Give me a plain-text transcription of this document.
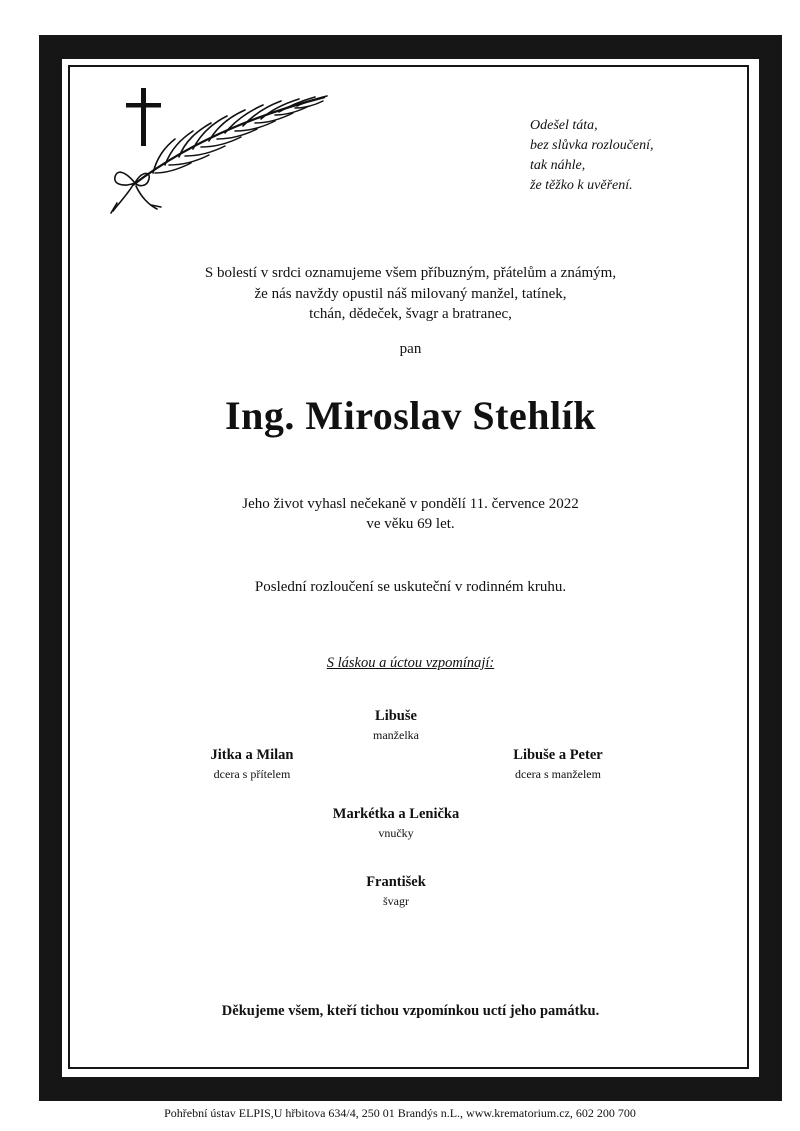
Odešel táta,
bez slůvka rozloučení,
tak náhle,
že těžko k uvěření.
S bolestí v srdci oznamujeme všem příbuzným, přátelům a známým,
že nás navždy opustil náš milovaný manžel, tatínek,
tchán, dědeček, švagr a bratranec,
pan
Ing. Miroslav Stehlík
Jeho život vyhasl nečekaně v pondělí 11. července 2022
ve věku 69 let.
Poslední rozloučení se uskuteční v rodinném kruhu.
S láskou a úctou vzpomínají:
Libuše
manželka
Jitka a Milan
dcera s přítelem
Libuše a Peter
dcera s manželem
Markétka a Lenička
vnučky
František
švagr
Děkujeme všem, kteří tichou vzpomínkou uctí jeho památku.
Pohřební ústav ELPIS,U hřbitova 634/4, 250 01 Brandýs n.L., www.krematorium.cz, 602 200 700
